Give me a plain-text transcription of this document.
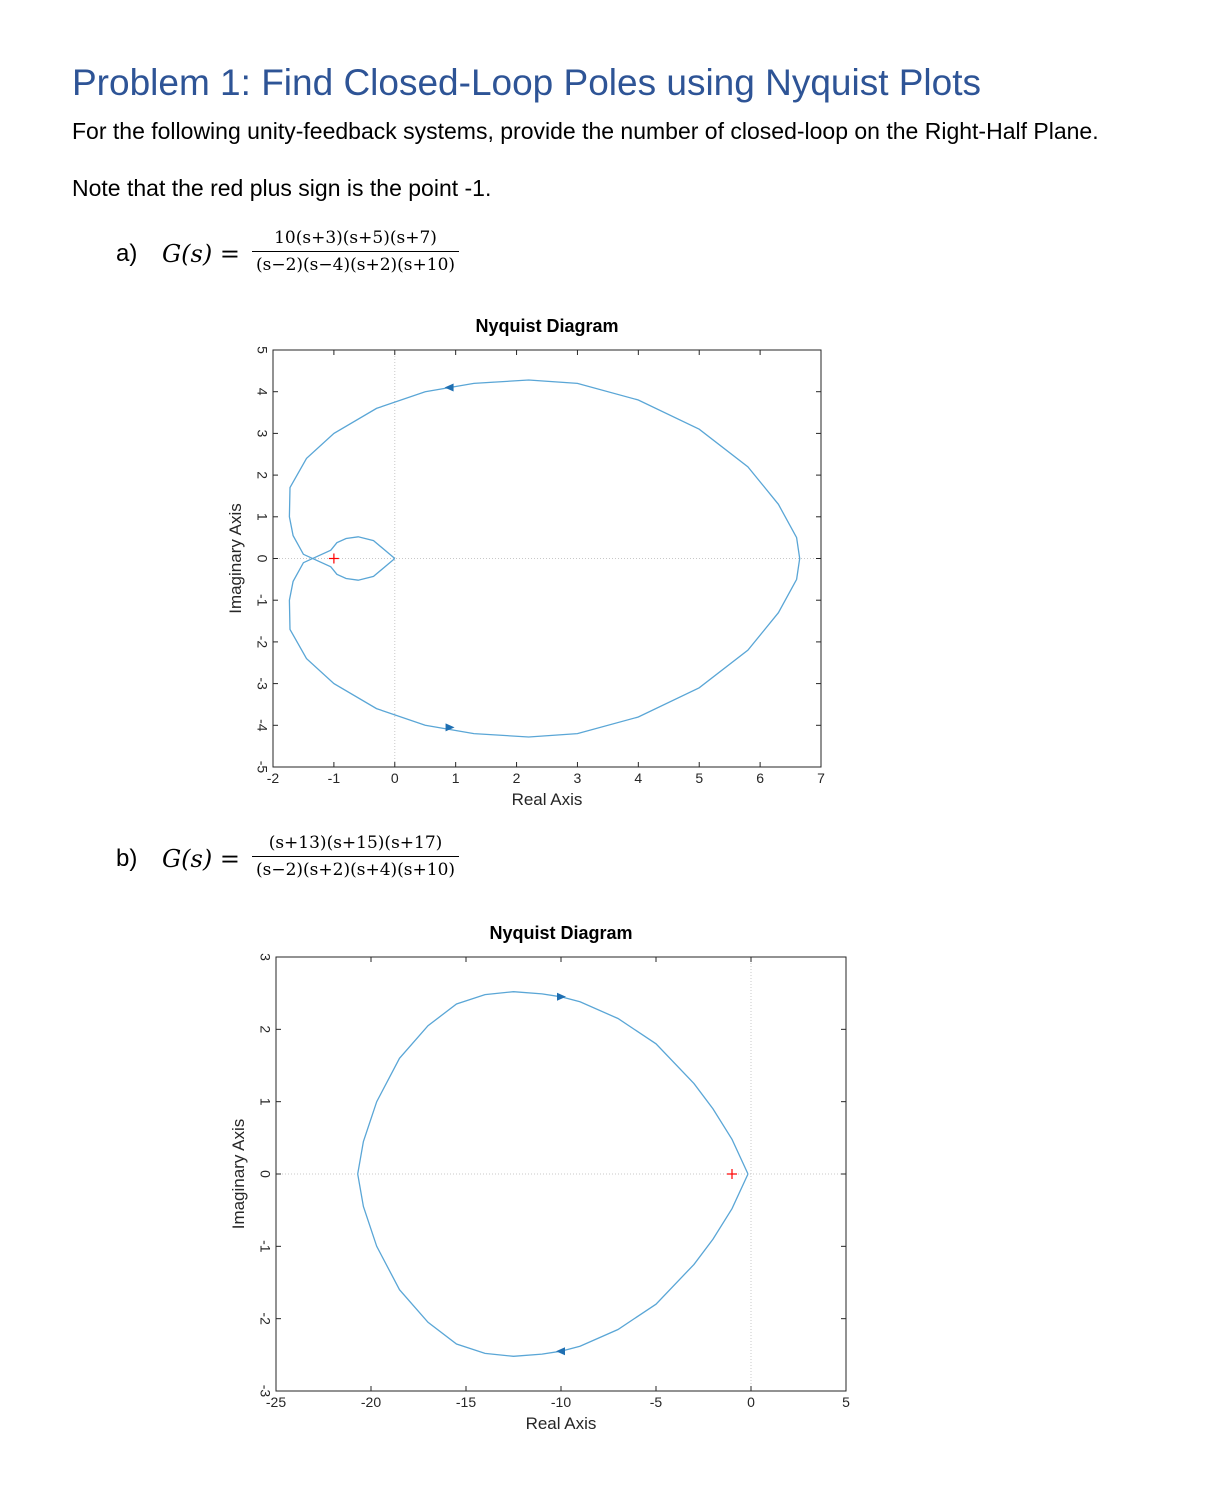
Problem 1: Find Closed-Loop Poles using Nyquist Plots

For the following unity-feedback systems, provide the number of closed-loop on the Right-Half Plane.

Note that the red plus sign is the point -1.

a) $G(s) = \frac{10(s+3)(s+5)(s+7)}{(s-2)(s-4)(s+2)(s+10)}$
-2	-1	0	1	2	3	4	5	6	7
-5
-4
-3
-2
-1
0
1
2
3
4
5
Nyquist Diagram
Real Axis
Imaginary Axis
b) $G(s) = \frac{(s+13)(s+15)(s+17)}{(s-2)(s+2)(s+4)(s+10)}$
-25	-20	-15	-10	-5	0	5
-3
-2
-1
0
1
2
3
Nyquist Diagram
Real Axis
Imaginary Axis
